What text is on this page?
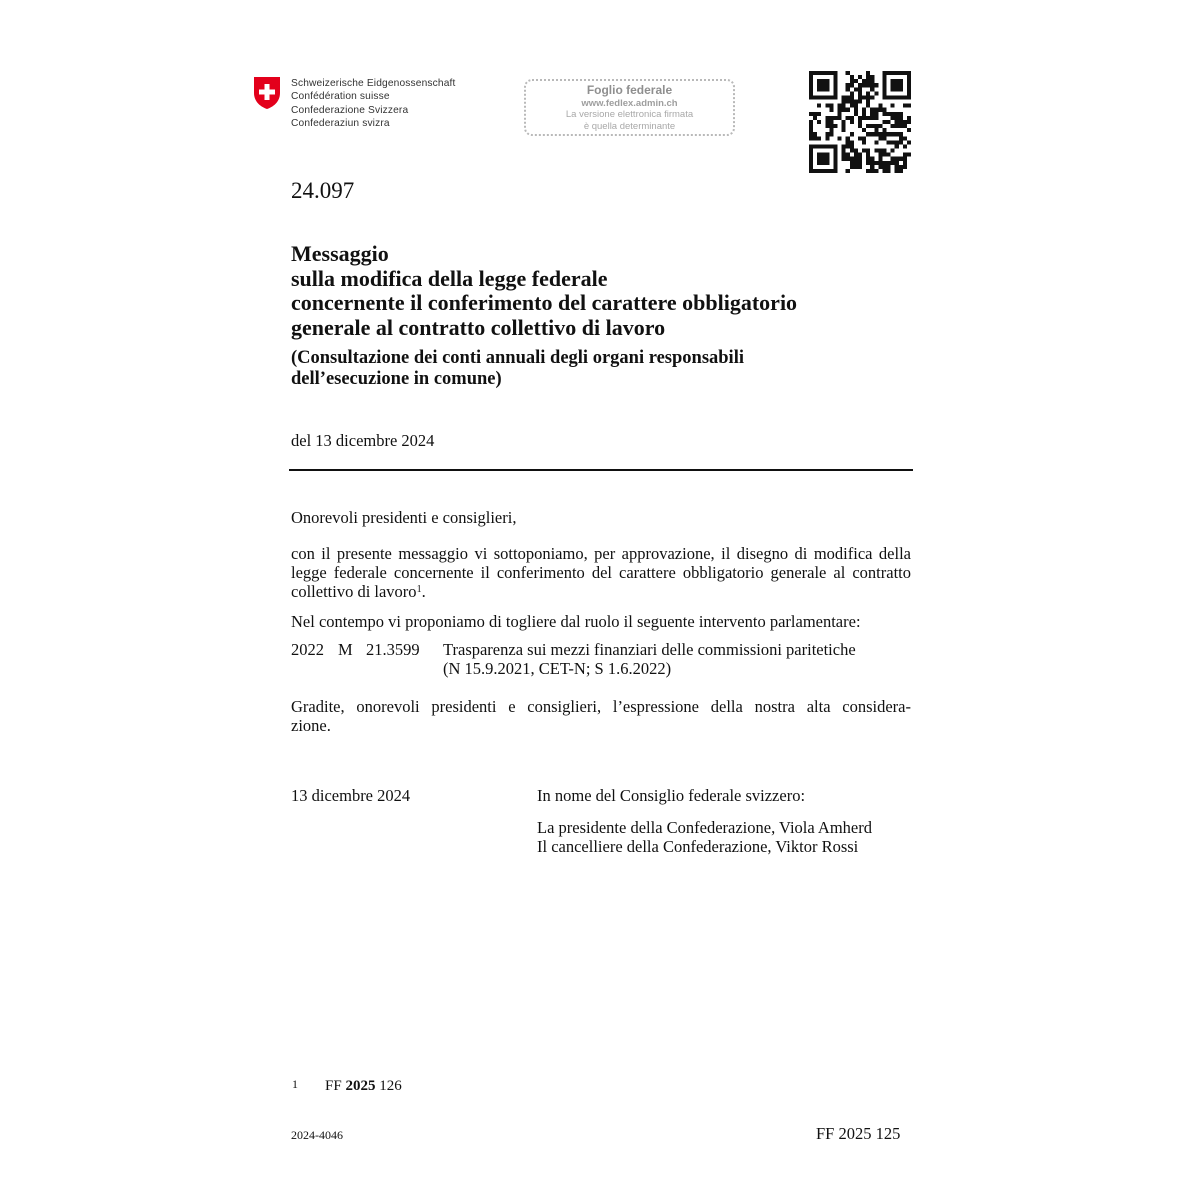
Schweizerische Eidgenossenschaft
Confédération suisse
Confederazione Svizzera
Confederaziun svizra
Foglio federale
www.fedlex.admin.ch
La versione elettronica firmata
è quella determinante
24.097
Messaggio
sulla modifica della legge federale
concernente il conferimento del carattere obbligatorio
generale al contratto collettivo di lavoro
(Consultazione dei conti annuali degli organi responsabili
dell’esecuzione in comune)
del 13 dicembre 2024
Onorevoli presidenti e consiglieri,

con il presente messaggio vi sottoponiamo, per approvazione, il disegno di modifica della legge federale concernente il conferimento del carattere obbligatorio generale al contratto collettivo di lavoro$^1$.

Nel contempo vi proponiamo di togliere dal ruolo il seguente intervento parlamentare:
2022 M 21.3599 Trasparenza sui mezzi finanziari delle commissioni paritetiche
(N 15.9.2021, CET-N; S 1.6.2022)
Gradite, onorevoli presidenti e consiglieri, l’espressione della nostra alta considera-
zione.
13 dicembre 2024	In nome del Consiglio federale svizzero:
La presidente della Confederazione, Viola Amherd
Il cancelliere della Confederazione, Viktor Rossi
1 FF 2025 126
2024-4046	FF 2025 125
